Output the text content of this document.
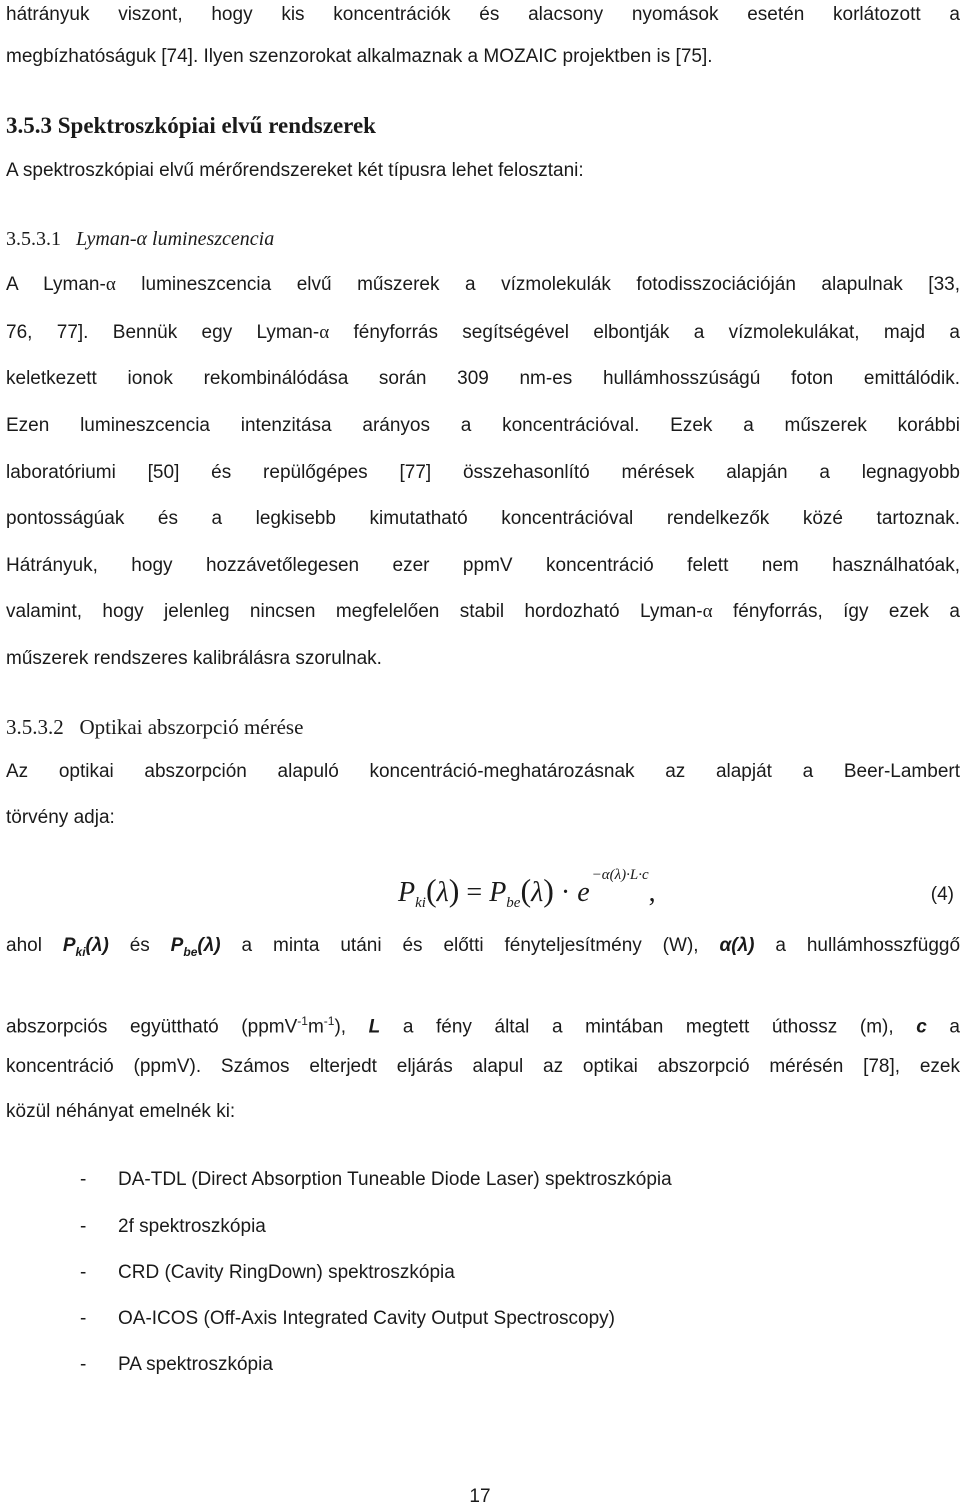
hátrányuk viszont, hogy kis koncentrációk és alacsony nyomások esetén korlátozott a
megbízhatóságuk [74]. Ilyen szenzorokat alkalmaznak a MOZAIC projektben is [75].
3.5.3 Spektroszkópiai elvű rendszerek
A spektroszkópiai elvű mérőrendszereket két típusra lehet felosztani:
3.5.3.1 Lyman-α lumineszcencia
A Lyman-α lumineszcencia elvű műszerek a vízmolekulák fotodisszociációján alapulnak [33,
76, 77]. Bennük egy Lyman-α fényforrás segítségével elbontják a vízmolekulákat, majd a
keletkezett ionok rekombinálódása során 309 nm-es hullámhosszúságú foton emittálódik.
Ezen lumineszcencia intenzitása arányos a koncentrációval. Ezek a műszerek korábbi
laboratóriumi [50] és repülőgépes [77] összehasonlító mérések alapján a legnagyobb
pontosságúak és a legkisebb kimutatható koncentrációval rendelkezők közé tartoznak.
Hátrányuk, hogy hozzávetőlegesen ezer ppmV koncentráció felett nem használhatóak,
valamint, hogy jelenleg nincsen megfelelően stabil hordozható Lyman-α fényforrás, így ezek a
műszerek rendszeres kalibrálásra szorulnak.
3.5.3.2 Optikai abszorpció mérése
Az optikai abszorpción alapuló koncentráció-meghatározásnak az alapját a Beer-Lambert
törvény adja:
$P_{ki}(\lambda) = P_{be}(\lambda) \cdot e^{-\alpha(\lambda)\cdot L\cdot c}$,	(4)
ahol $P_{ki}(\lambda)$ és $P_{be}(\lambda)$ a minta utáni és előtti fényteljesítmény (W), α(λ) a hullámhosszfüggő
abszorpciós együttható $(ppmV^{-1}m^{-1})$, L a fény által a mintában megtett úthossz (m), c a
koncentráció (ppmV). Számos elterjedt eljárás alapul az optikai abszorpció mérésén [78], ezek
közül néhányat emelnék ki:
- DA-TDL (Direct Absorption Tuneable Diode Laser) spektroszkópia
- 2f spektroszkópia
- CRD (Cavity RingDown) spektroszkópia
- OA-ICOS (Off-Axis Integrated Cavity Output Spectroscopy)
- PA spektroszkópia
17
